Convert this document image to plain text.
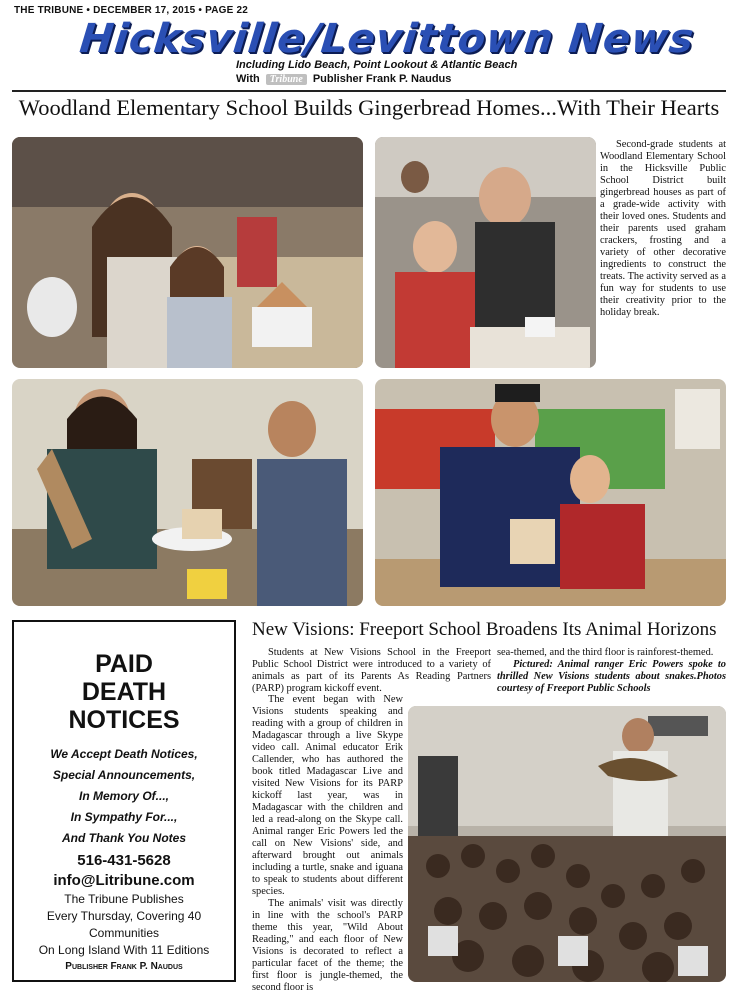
THE TRIBUNE • DECEMBER 17, 2015 • PAGE 22
Hicksville/Levittown News
Including Lido Beach, Point Lookout & Atlantic Beach
With Tribune Publisher Frank P. Naudus
Woodland Elementary School Builds Gingerbread Homes...With Their Hearts

Second-grade students at Woodland Elementary School in the Hicksville Public School District built gingerbread houses as part of a grade-wide activity with their loved ones. Students and their parents used graham crackers, frosting and a variety of other decorative ingredients to construct the treats. The activity served as a fun way for students to use their creativity prior to the holiday break.

PAID
DEATH
NOTICES
We Accept Death Notices,
Special Announcements,
In Memory Of...,
In Sympathy For...,
And Thank You Notes
516-431-5628
info@Litribune.com
The Tribune Publishes
Every Thursday, Covering 40 Communities
On Long Island With 11 Editions
Publisher Frank P. Naudus
New Visions: Freeport School Broadens Its Animal Horizons

Students at New Visions School in the Freeport Public School District were introduced to a variety of animals as part of its Parents As Reading Partners (PARP) program kickoff event.

The event began with New Visions students speaking and reading with a group of children in Madagascar through a live Skype video call. Animal educator Erik Callender, who has authored the book titled Madagascar Live and visited New Visions for its PARP kickoff last year, was in Madagascar with the children and led a read-along on the Skype call. Animal ranger Eric Powers led the call on New Visions' side, and afterward brought out animals including a turtle, snake and iguana to speak to students about different species.

The animals' visit was directly in line with the school's PARP theme this year, "Wild About Reading," and each floor of New Visions is decorated to reflect a particular facet of the theme; the first floor is jungle-themed, the second floor is

sea-themed, and the third floor is rainforest-themed.

Pictured: Animal ranger Eric Powers spoke to thrilled New Visions students about snakes.Photos courtesy of Freeport Public Schools
